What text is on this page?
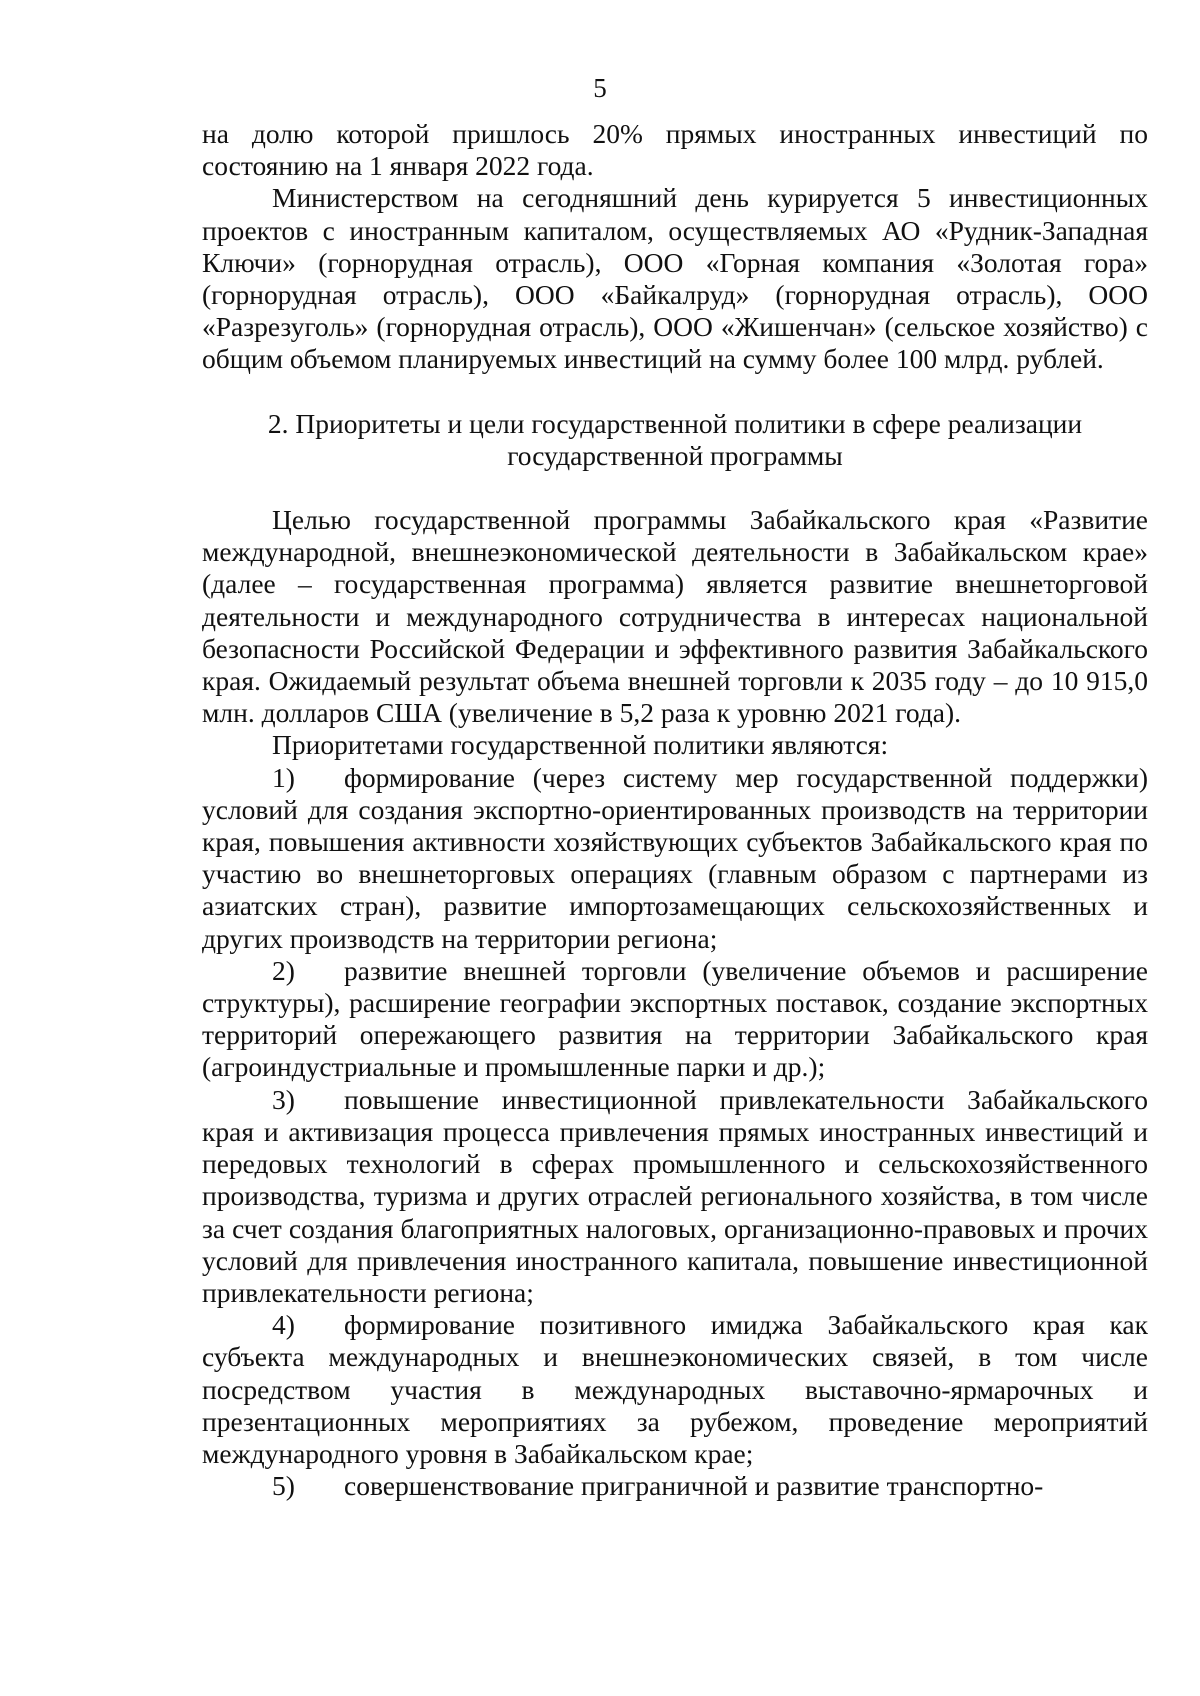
5

на долю которой пришлось 20% прямых иностранных инвестиций по состоянию на 1 января 2022 года.

Министерством на сегодняшний день курируется 5 инвестиционных проектов с иностранным капиталом, осуществляемых АО «Рудник-Западная Ключи» (горнорудная отрасль), ООО «Горная компания «Золотая гора» (горнорудная отрасль), ООО «Байкалруд» (горнорудная отрасль), ООО «Разрезуголь» (горнорудная отрасль), ООО «Жишенчан» (сельское хозяйство) с общим объемом планируемых инвестиций на сумму более 100 млрд. рублей.

2. Приоритеты и цели государственной политики в сфере реализации

государственной программы

Целью государственной программы Забайкальского края «Развитие международной, внешнеэкономической деятельности в Забайкальском крае» (далее – государственная программа) является развитие внешнеторговой деятельности и международного сотрудничества в интересах национальной безопасности Российской Федерации и эффективного развития Забайкальского края. Ожидаемый результат объема внешней торговли к 2035 году – до 10 915,0 млн. долларов США (увеличение в 5,2 раза к уровню 2021 года).

Приоритетами государственной политики являются:

1) формирование (через систему мер государственной поддержки) условий для создания экспортно-ориентированных производств на территории края, повышения активности хозяйствующих субъектов Забайкальского края по участию во внешнеторговых операциях (главным образом с партнерами из азиатских стран), развитие импортозамещающих сельскохозяйственных и других производств на территории региона;

2) развитие внешней торговли (увеличение объемов и расширение структуры), расширение географии экспортных поставок, создание экспортных территорий опережающего развития на территории Забайкальского края (агроиндустриальные и промышленные парки и др.);

3) повышение инвестиционной привлекательности Забайкальского края и активизация процесса привлечения прямых иностранных инвестиций и передовых технологий в сферах промышленного и сельскохозяйственного производства, туризма и других отраслей регионального хозяйства, в том числе за счет создания благоприятных налоговых, организационно-правовых и прочих условий для привлечения иностранного капитала, повышение инвестиционной привлекательности региона;

4) формирование позитивного имиджа Забайкальского края как субъекта международных и внешнеэкономических связей, в том числе посредством участия в международных выставочно-ярмарочных и презентационных мероприятиях за рубежом, проведение мероприятий международного уровня в Забайкальском крае;

5) совершенствование приграничной и развитие транспортно-
